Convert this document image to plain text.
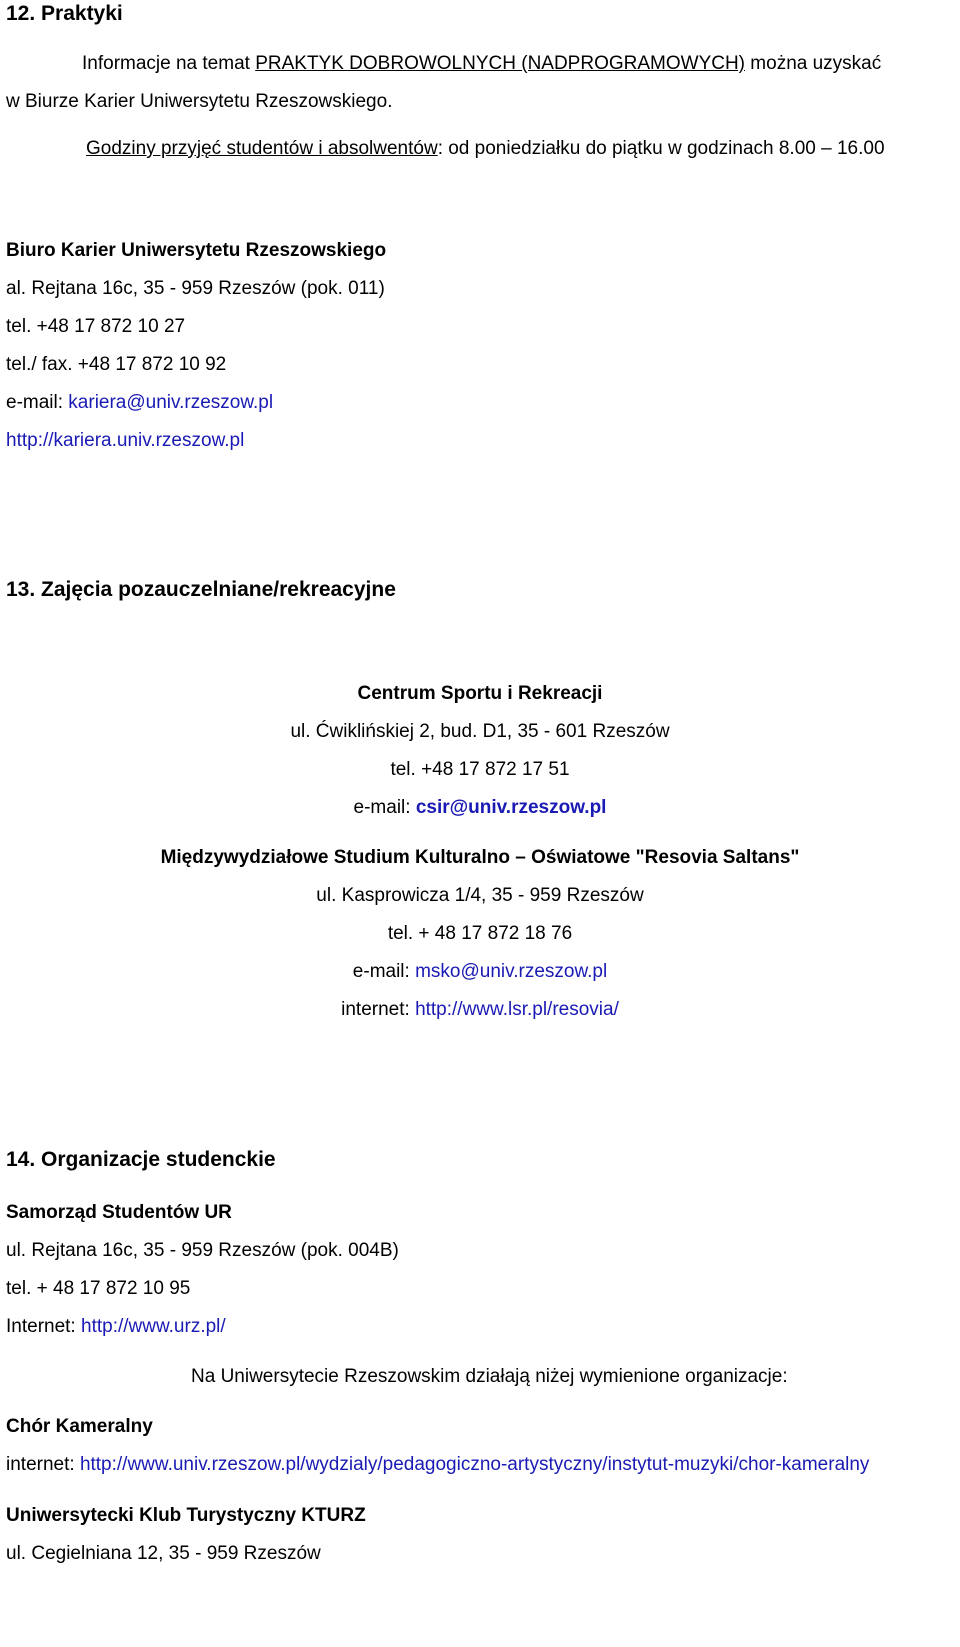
12. Praktyki
Informacje na temat PRAKTYK DOBROWOLNYCH (NADPROGRAMOWYCH) można uzyskać
w Biurze Karier Uniwersytetu Rzeszowskiego.
Godziny przyjęć studentów i absolwentów: od poniedziałku do piątku w godzinach 8.00 – 16.00
Biuro Karier Uniwersytetu Rzeszowskiego
al. Rejtana 16c, 35 - 959 Rzeszów (pok. 011)
tel. +48 17 872 10 27
tel./ fax. +48 17 872 10 92
e-mail: kariera@univ.rzeszow.pl
http://kariera.univ.rzeszow.pl
13. Zajęcia pozauczelniane/rekreacyjne
Centrum Sportu i Rekreacji
ul. Ćwiklińskiej 2, bud. D1, 35 - 601 Rzeszów
tel. +48 17 872 17 51
e-mail: csir@univ.rzeszow.pl
Międzywydziałowe Studium Kulturalno – Oświatowe "Resovia Saltans"
ul. Kasprowicza 1/4, 35 - 959 Rzeszów
tel. + 48 17 872 18 76
e-mail: msko@univ.rzeszow.pl
internet: http://www.lsr.pl/resovia/
14. Organizacje studenckie
Samorząd Studentów UR
ul. Rejtana 16c, 35 - 959 Rzeszów (pok. 004B)
tel. + 48 17 872 10 95
Internet: http://www.urz.pl/
Na Uniwersytecie Rzeszowskim działają niżej wymienione organizacje:
Chór Kameralny
internet: http://www.univ.rzeszow.pl/wydzialy/pedagogiczno-artystyczny/instytut-muzyki/chor-kameralny
Uniwersytecki Klub Turystyczny KTURZ
ul. Cegielniana 12, 35 - 959 Rzeszów
